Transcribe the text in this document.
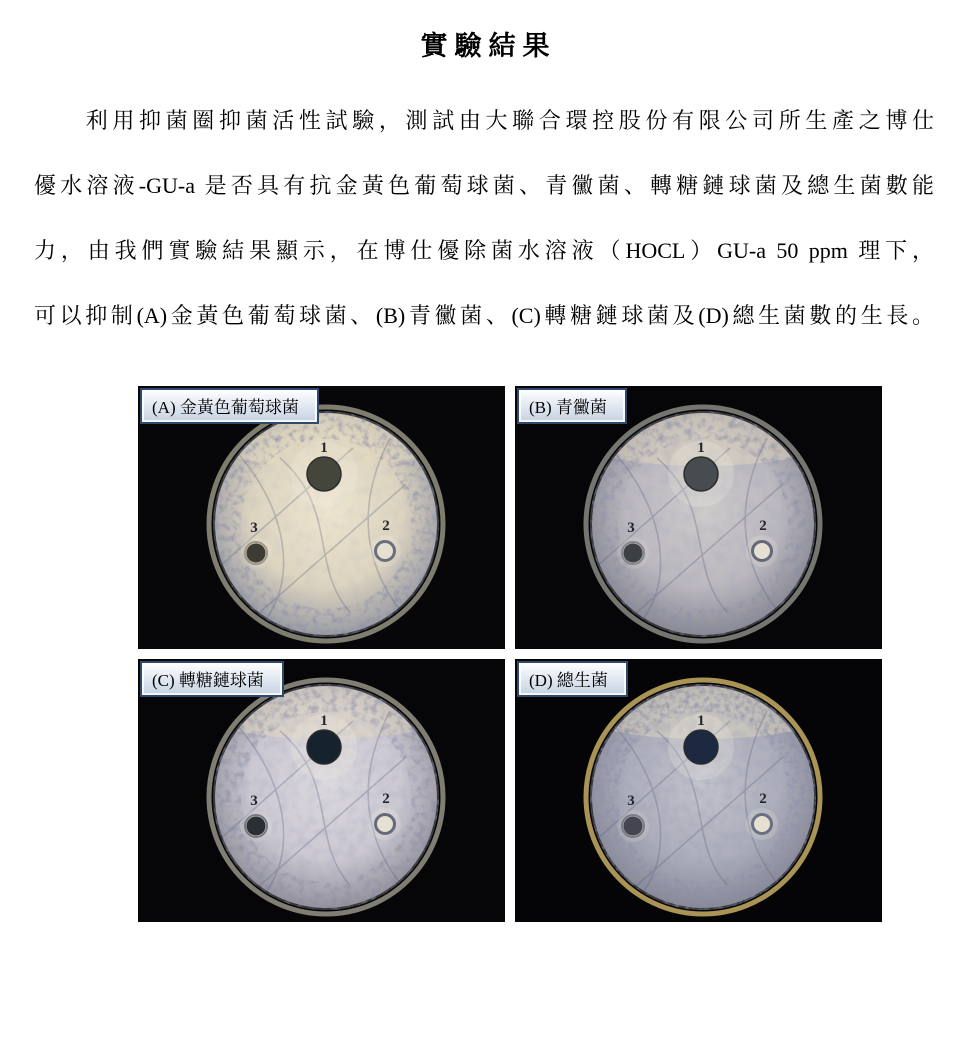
實驗結果
利用抑菌圈抑菌活性試驗，測試由大聯合環控股份有限公司所生產之博仕
優水溶液-GU-a 是否具有抗金黃色葡萄球菌、青黴菌、轉糖鏈球菌及總生菌數能
力，由我們實驗結果顯示，在博仕優除菌水溶液（HOCL）GU-a 50 ppm 理下，
可以抑制(A)金黃色葡萄球菌、(B)青黴菌、(C)轉糖鏈球菌及(D)總生菌數的生長。
1
2
3
(A) 金黃色葡萄球菌
1
2
3
(B) 青黴菌
1
2
3
(C) 轉糖鏈球菌
1
2
3
(D) 總生菌
